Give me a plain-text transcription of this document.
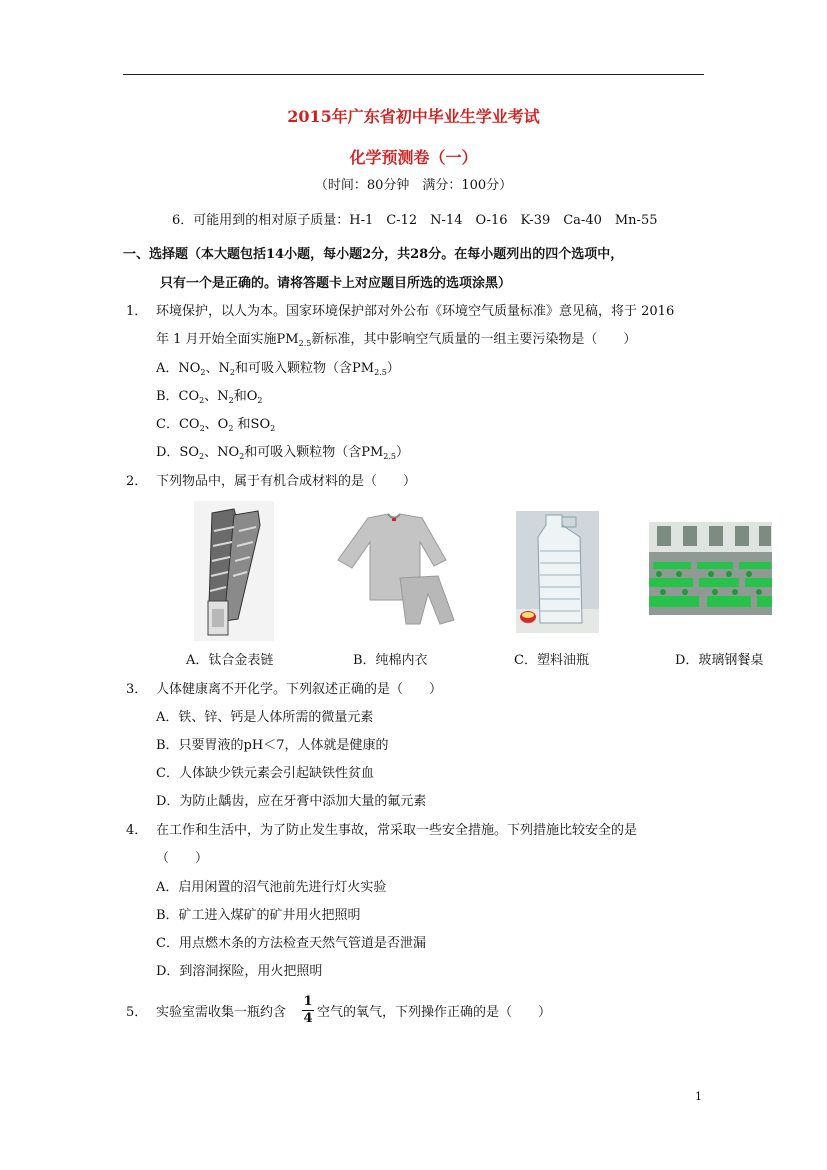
2015年广东省初中毕业生学业考试
化学预测卷（一）
（时间：80分钟　满分：100分）
6．可能用到的相对原子质量：H-1　C-12　N-14　O-16　K-39　Ca-40　Mn-55
一、选择题（本大题包括14小题，每小题2分，共28分。在每小题列出的四个选项中，
只有一个是正确的。请将答题卡上对应题目所选的选项涂黑）
1． 环境保护，以人为本。国家环境保护部对外公布《环境空气质量标准》意见稿，将于 2016
年 1 月开始全面实施$PM_{2.5}$新标准，其中影响空气质量的一组主要污染物是（　　）
A．$NO_2$、$N_2$和可吸入颗粒物（含$PM_{2.5}$）
B．$CO_2$、$N_2$和$O_2$
C．$CO_2$、$O_2$ 和$SO_2$
D．$SO_2$、$NO_2$和可吸入颗粒物（含$PM_{2.5}$）
2． 下列物品中，属于有机合成材料的是（　　）
A．钛合金表链	B．纯棉内衣	C．塑料油瓶	D．玻璃钢餐桌
3． 人体健康离不开化学。下列叙述正确的是（　　）
A．铁、锌、钙是人体所需的微量元素
B．只要胃液的pH＜7，人体就是健康的
C．人体缺少铁元素会引起缺铁性贫血
D．为防止龋齿，应在牙膏中添加大量的氟元素
4． 在工作和生活中，为了防止发生事故，常采取一些安全措施。下列措施比较安全的是
（　　）
A．启用闲置的沼气池前先进行灯火实验
B．矿工进入煤矿的矿井用火把照明
C．用点燃木条的方法检查天然气管道是否泄漏
D．到溶洞探险，用火把照明
5． 实验室需收集一瓶约含
1
4 空气的氧气，下列操作正确的是（　　）
1
